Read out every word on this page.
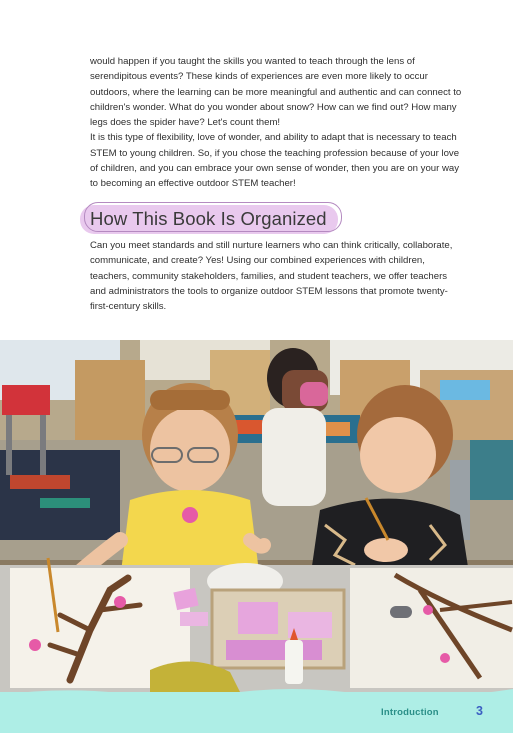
would happen if you taught the skills you wanted to teach through the lens of serendipitous events? These kinds of experiences are even more likely to occur outdoors, where the learning can be more meaningful and authentic and can connect to children's wonder. What do you wonder about snow? How can we find out? How many legs does the spider have? Let's count them!
It is this type of flexibility, love of wonder, and ability to adapt that is necessary to teach STEM to young children. So, if you chose the teaching profession because of your love of children, and you can embrace your own sense of wonder, then you are on your way to becoming an effective outdoor STEM teacher!
How This Book Is Organized

Can you meet standards and still nurture learners who can think critically, collaborate, communicate, and create? Yes! Using our combined experiences with children, teachers, community stakeholders, families, and student teachers, we offer teachers and administrators the tools to organize outdoor STEM lessons that promote twenty-first-century skills.

Introduction	3
